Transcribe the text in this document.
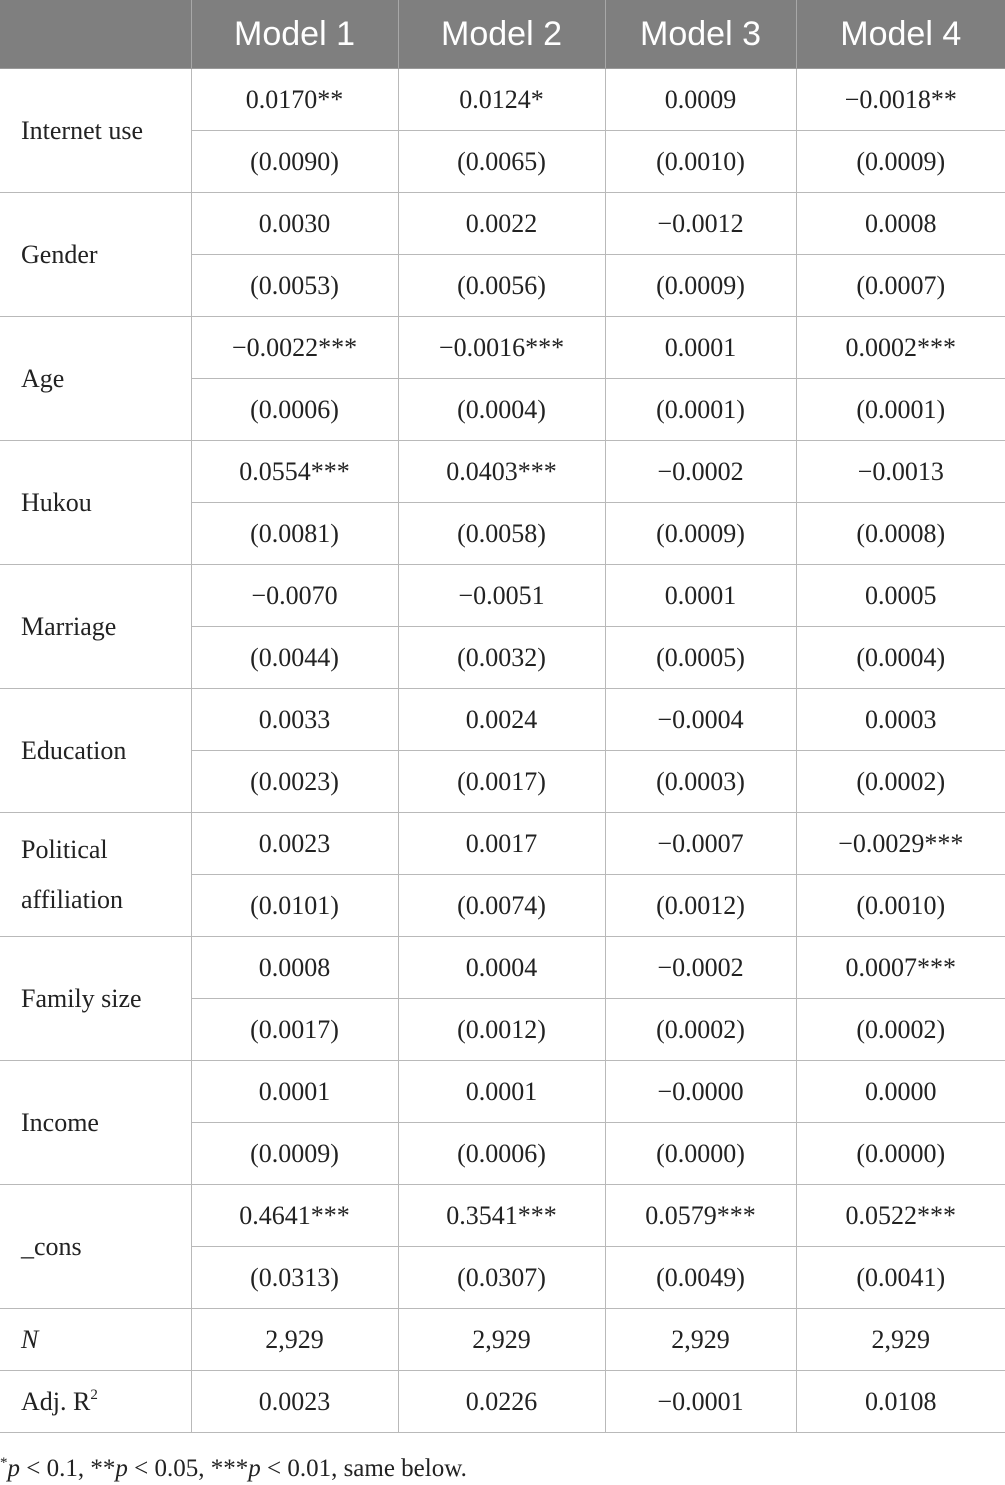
	Model 1	Model 2	Model 3	Model 4
Internet use	0.0170**	0.0124*	0.0009	−0.0018**
	(0.0090)	(0.0065)	(0.0010)	(0.0009)
Gender	0.0030	0.0022	−0.0012	0.0008
	(0.0053)	(0.0056)	(0.0009)	(0.0007)
Age	−0.0022***	−0.0016***	0.0001	0.0002***
	(0.0006)	(0.0004)	(0.0001)	(0.0001)
Hukou	0.0554***	0.0403***	−0.0002	−0.0013
	(0.0081)	(0.0058)	(0.0009)	(0.0008)
Marriage	−0.0070	−0.0051	0.0001	0.0005
	(0.0044)	(0.0032)	(0.0005)	(0.0004)
Education	0.0033	0.0024	−0.0004	0.0003
	(0.0023)	(0.0017)	(0.0003)	(0.0002)
Political affiliation	0.0023	0.0017	−0.0007	−0.0029***
	(0.0101)	(0.0074)	(0.0012)	(0.0010)
Family size	0.0008	0.0004	−0.0002	0.0007***
	(0.0017)	(0.0012)	(0.0002)	(0.0002)
Income	0.0001	0.0001	−0.0000	0.0000
	(0.0009)	(0.0006)	(0.0000)	(0.0000)
_cons	0.4641***	0.3541***	0.0579***	0.0522***
	(0.0313)	(0.0307)	(0.0049)	(0.0041)
N	2,929	2,929	2,929	2,929
Adj. $R^2$	0.0023	0.0226	−0.0001	0.0108
*p < 0.1, **p < 0.05, ***p < 0.01, same below.
